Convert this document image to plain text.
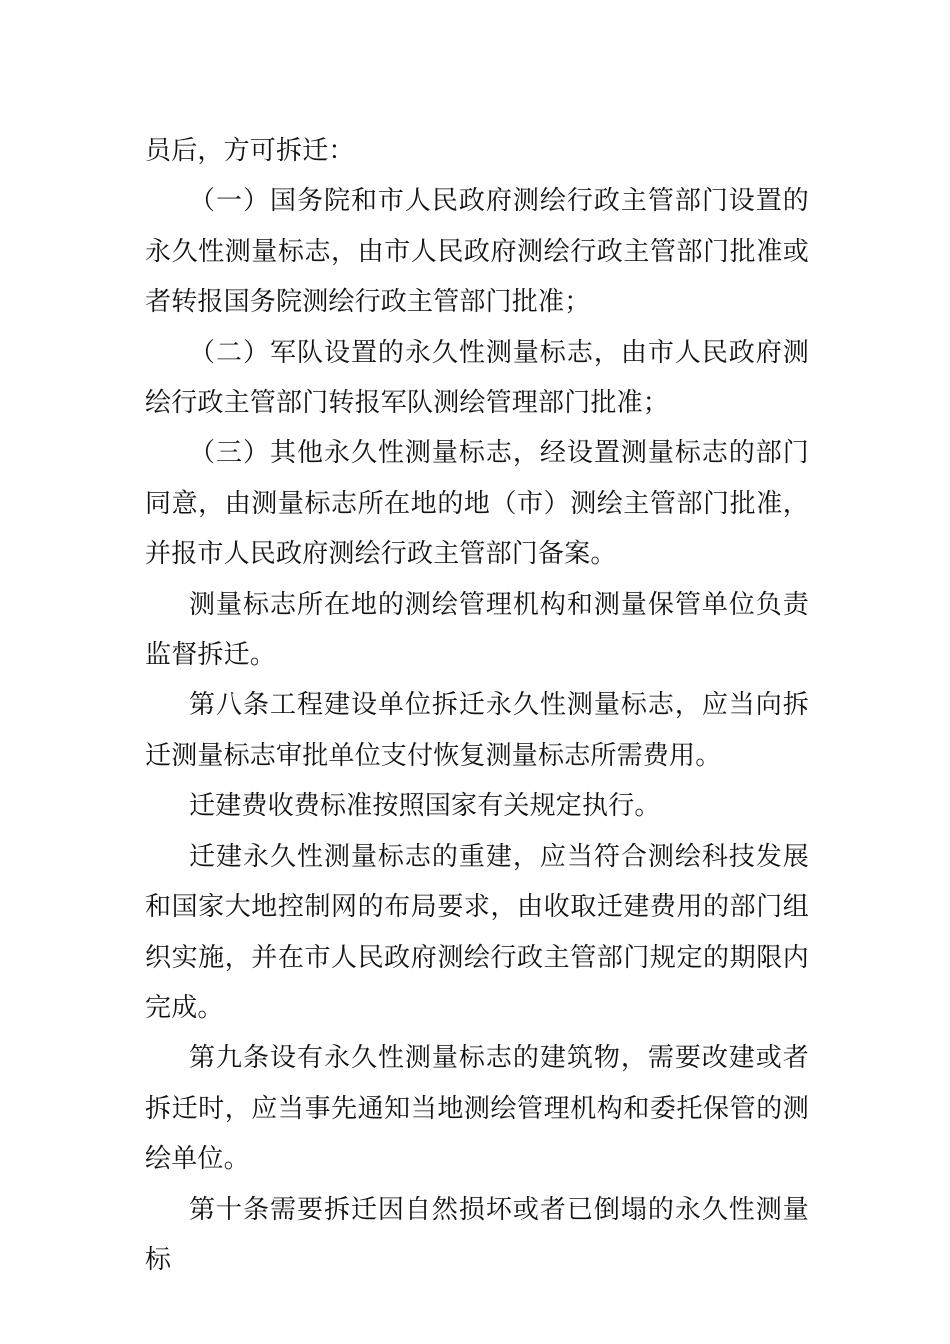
员后，方可拆迁：

（一）国务院和市人民政府测绘行政主管部门设置的永久性测量标志，由市人民政府测绘行政主管部门批准或者转报国务院测绘行政主管部门批准；

（二）军队设置的永久性测量标志，由市人民政府测绘行政主管部门转报军队测绘管理部门批准；

（三）其他永久性测量标志，经设置测量标志的部门同意，由测量标志所在地的地（市）测绘主管部门批准，并报市人民政府测绘行政主管部门备案。

测量标志所在地的测绘管理机构和测量保管单位负责监督拆迁。

第八条工程建设单位拆迁永久性测量标志，应当向拆迁测量标志审批单位支付恢复测量标志所需费用。

迁建费收费标准按照国家有关规定执行。

迁建永久性测量标志的重建，应当符合测绘科技发展和国家大地控制网的布局要求，由收取迁建费用的部门组织实施，并在市人民政府测绘行政主管部门规定的期限内完成。

第九条设有永久性测量标志的建筑物，需要改建或者拆迁时，应当事先通知当地测绘管理机构和委托保管的测绘单位。

第十条需要拆迁因自然损坏或者已倒塌的永久性测量标
